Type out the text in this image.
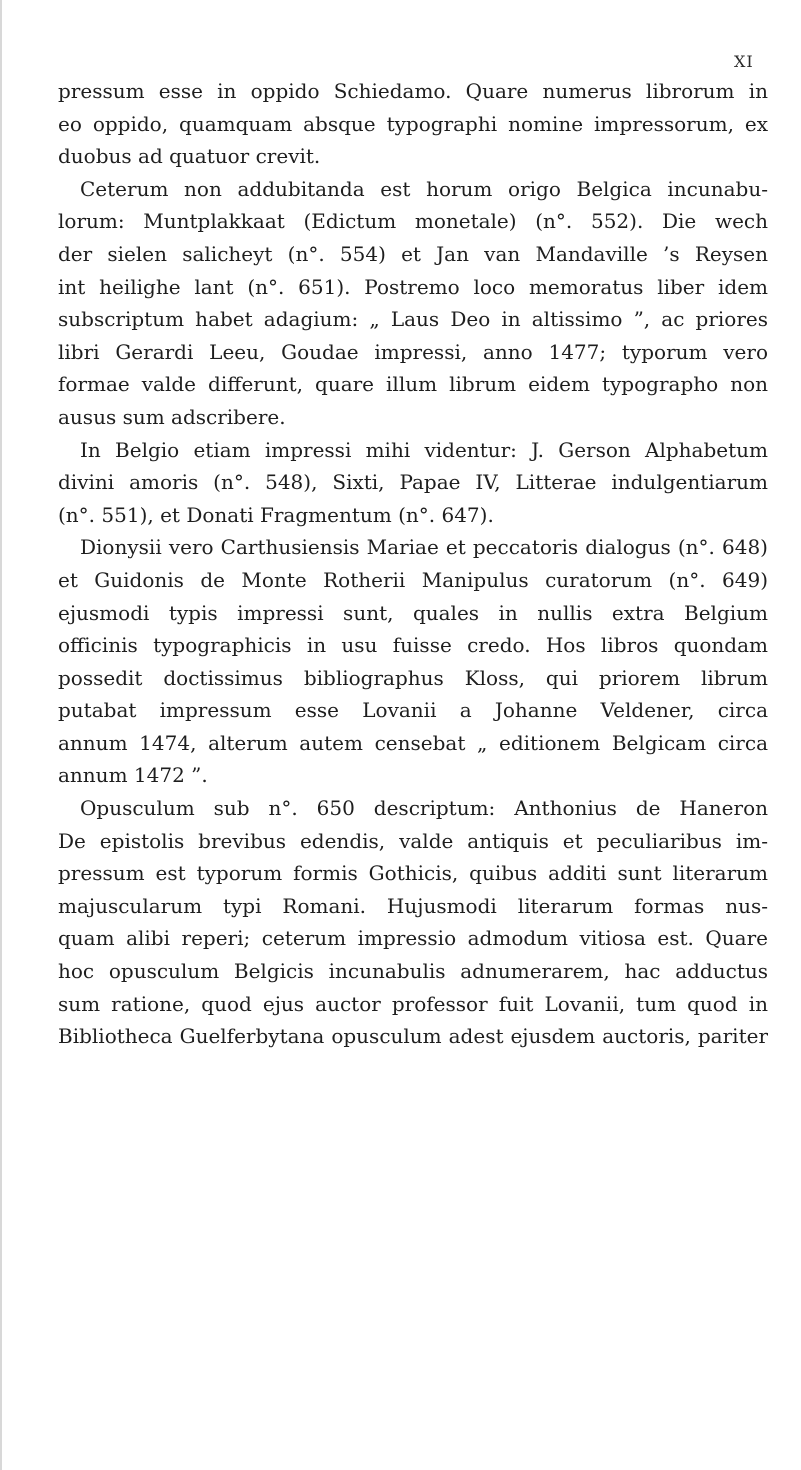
XI
pressum esse in oppido Schiedamo. Quare numerus librorum in
eo oppido, quamquam absque typographi nomine impressorum, ex
duobus ad quatuor crevit.
Ceterum non addubitanda est horum origo Belgica incunabu-
lorum: Muntplakkaat (Edictum monetale) (n°. 552). Die wech
der sielen salicheyt (n°. 554) et Jan van Mandaville ’s Reysen
int heilighe lant (n°. 651). Postremo loco memoratus liber idem
subscriptum habet adagium: „ Laus Deo in altissimo ”, ac priores
libri Gerardi Leeu, Goudae impressi, anno 1477; typorum vero
formae valde differunt, quare illum librum eidem typographo non
ausus sum adscribere.
In Belgio etiam impressi mihi videntur: J. Gerson Alphabetum
divini amoris (n°. 548), Sixti, Papae IV, Litterae indulgentiarum
(n°. 551), et Donati Fragmentum (n°. 647).
Dionysii vero Carthusiensis Mariae et peccatoris dialogus (n°. 648)
et Guidonis de Monte Rotherii Manipulus curatorum (n°. 649)
ejusmodi typis impressi sunt, quales in nullis extra Belgium
officinis typographicis in usu fuisse credo. Hos libros quondam
possedit doctissimus bibliographus Kloss, qui priorem librum
putabat impressum esse Lovanii a Johanne Veldener, circa
annum 1474, alterum autem censebat „ editionem Belgicam circa
annum 1472 ”.
Opusculum sub n°. 650 descriptum: Anthonius de Haneron
De epistolis brevibus edendis, valde antiquis et peculiaribus im-
pressum est typorum formis Gothicis, quibus additi sunt literarum
majuscularum typi Romani. Hujusmodi literarum formas nus-
quam alibi reperi; ceterum impressio admodum vitiosa est. Quare
hoc opusculum Belgicis incunabulis adnumerarem, hac adductus
sum ratione, quod ejus auctor professor fuit Lovanii, tum quod in
Bibliotheca Guelferbytana opusculum adest ejusdem auctoris, pariter
